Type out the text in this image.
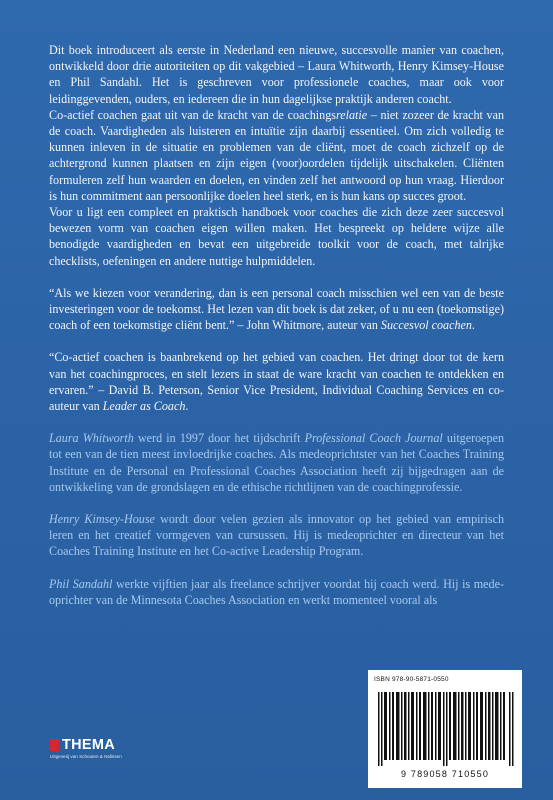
Dit boek introduceert als eerste in Nederland een nieuwe, succesvolle manier van coachen, ontwikkeld door drie autoriteiten op dit vakgebied – Laura Whitworth, Henry Kimsey-House en Phil Sandahl. Het is geschreven voor professionele coaches, maar ook voor leidinggevenden, ouders, en iedereen die in hun dagelijkse praktijk anderen coacht.

Co-actief coachen gaat uit van de kracht van de coachingsrelatie – niet zozeer de kracht van de coach. Vaardigheden als luisteren en intuïtie zijn daarbij essentieel. Om zich volledig te kunnen inleven in de situatie en problemen van de cliënt, moet de coach zichzelf op de achtergrond kunnen plaatsen en zijn eigen (voor)oordelen tijdelijk uitschakelen. Cliënten formuleren zelf hun waarden en doelen, en vinden zelf het antwoord op hun vraag. Hierdoor is hun commitment aan persoonlijke doelen heel sterk, en is hun kans op succes groot.

Voor u ligt een compleet en praktisch handboek voor coaches die zich deze zeer succesvol bewezen vorm van coachen eigen willen maken. Het bespreekt op heldere wijze alle benodigde vaardigheden en bevat een uitgebreide toolkit voor de coach, met talrijke checklists, oefeningen en andere nuttige hulpmiddelen.

“Als we kiezen voor verandering, dan is een personal coach misschien wel een van de beste investeringen voor de toekomst. Het lezen van dit boek is dat zeker, of u nu een (toekomstige) coach of een toekomstige cliënt bent.” – John Whitmore, auteur van Succesvol coachen.

“Co-actief coachen is baanbrekend op het gebied van coachen. Het dringt door tot de kern van het coachingproces, en stelt lezers in staat de ware kracht van coachen te ontdekken en ervaren.” – David B. Peterson, Senior Vice President, Individual Coaching Services en co-auteur van Leader as Coach.

Laura Whitworth werd in 1997 door het tijdschrift Professional Coach Journal uitgeroepen tot een van de tien meest invloedrijke coaches. Als medeoprichtster van het Coaches Training Institute en de Personal en Professional Coaches Association heeft zij bijgedragen aan de ontwikkeling van de grondslagen en de ethische richtlijnen van de coachingprofessie.

Henry Kimsey-House wordt door velen gezien als innovator op het gebied van empirisch leren en het creatief vormgeven van cursussen. Hij is medeoprichter en directeur van het Coaches Training Institute en het Co-active Leadership Program.

Phil Sandahl werkte vijftien jaar als freelance schrijver voordat hij coach werd. Hij is mede-oprichter van de Minnesota Coaches Association en werkt momenteel vooral als

ISBN 978-90-5871-0550
9 789058 710550
THEMA
Uitgeverij van Schouten & Nelissen
